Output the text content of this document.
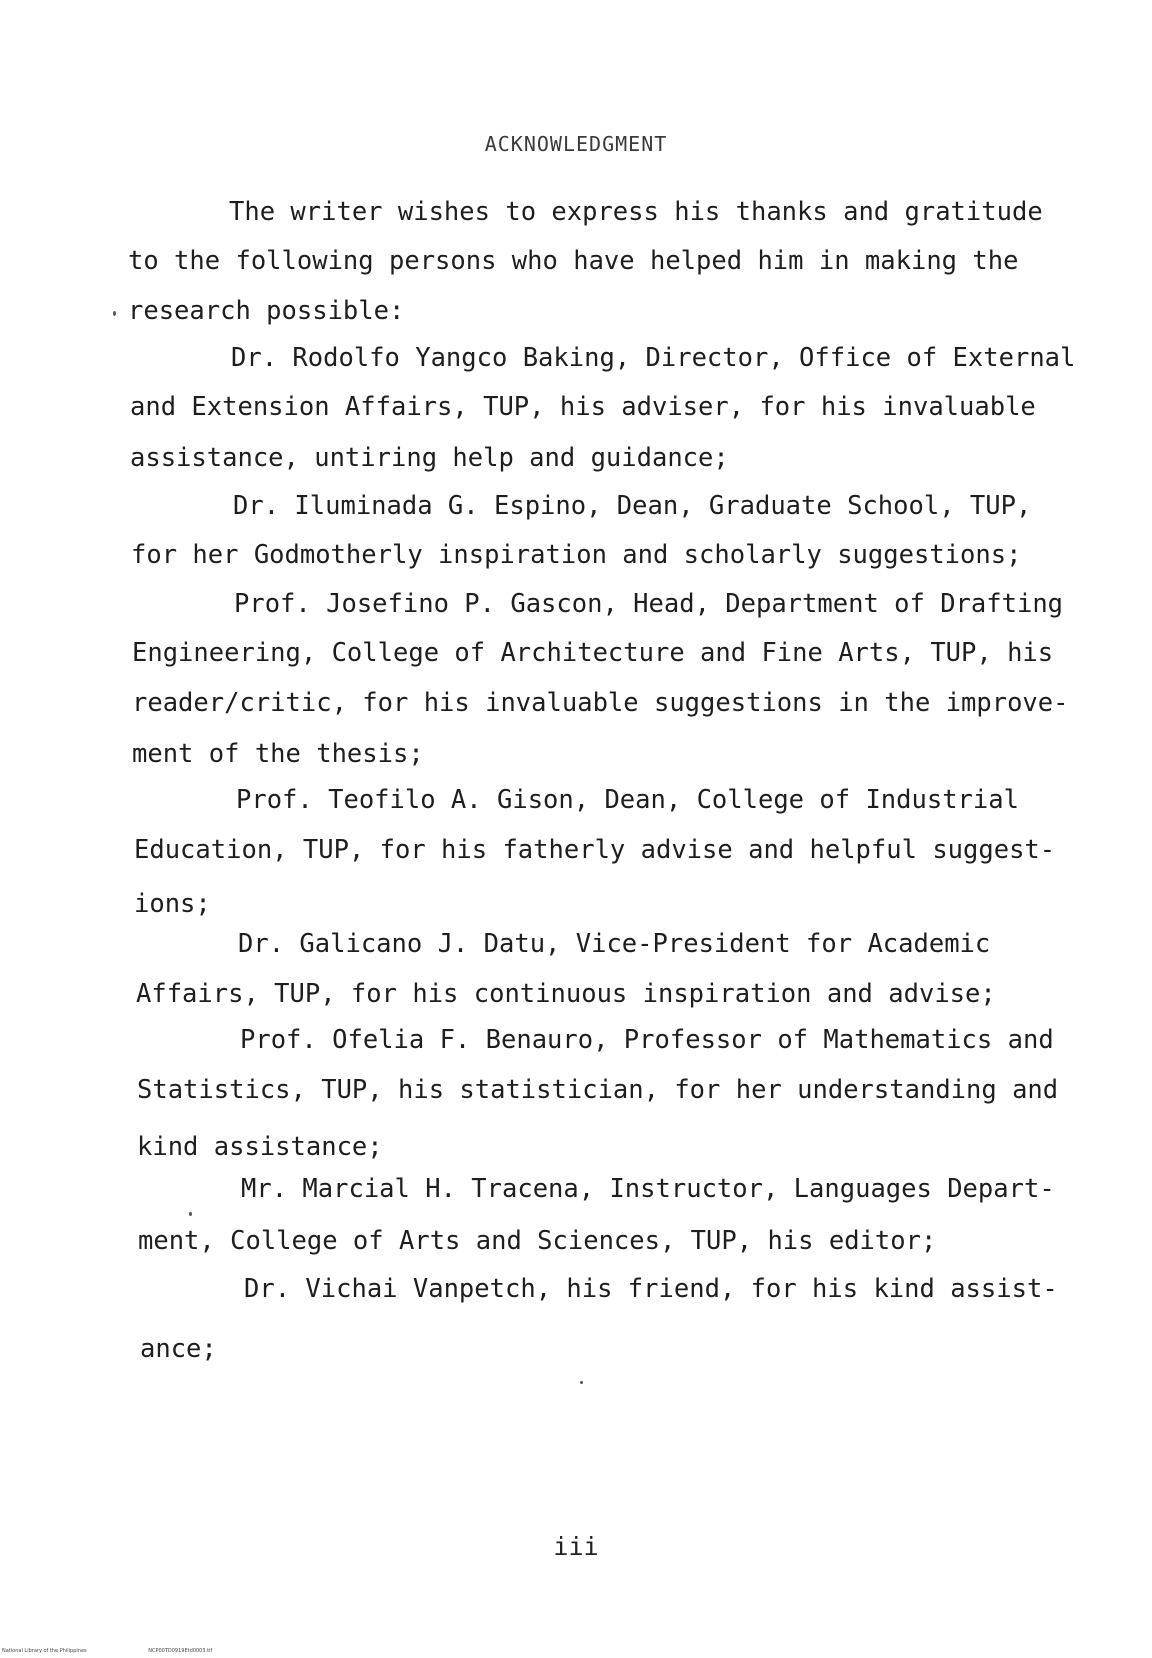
ACKNOWLEDGMENT
The writer wishes to express his thanks and gratitude
to the following persons who have helped him in making the
research possible:
Dr. Rodolfo Yangco Baking, Director, Office of External
and Extension Affairs, TUP, his adviser, for his invaluable
assistance, untiring help and guidance;
Dr. Iluminada G. Espino, Dean, Graduate School, TUP,
for her Godmotherly inspiration and scholarly suggestions;
Prof. Josefino P. Gascon, Head, Department of Drafting
Engineering, College of Architecture and Fine Arts, TUP, his
reader/critic, for his invaluable suggestions in the improve-
ment of the thesis;
Prof. Teofilo A. Gison, Dean, College of Industrial
Education, TUP, for his fatherly advise and helpful suggest-
ions;
Dr. Galicano J. Datu, Vice-President for Academic
Affairs, TUP, for his continuous inspiration and advise;
Prof. Ofelia F. Benauro, Professor of Mathematics and
Statistics, TUP, his statistician, for her understanding and
kind assistance;
Mr. Marcial H. Tracena, Instructor, Languages Depart-
ment, College of Arts and Sciences, TUP, his editor;
Dr. Vichai Vanpetch, his friend, for his kind assist-
ance;
iii
National Library of the Philippines	NCP00TD0919Etd0003.tif
